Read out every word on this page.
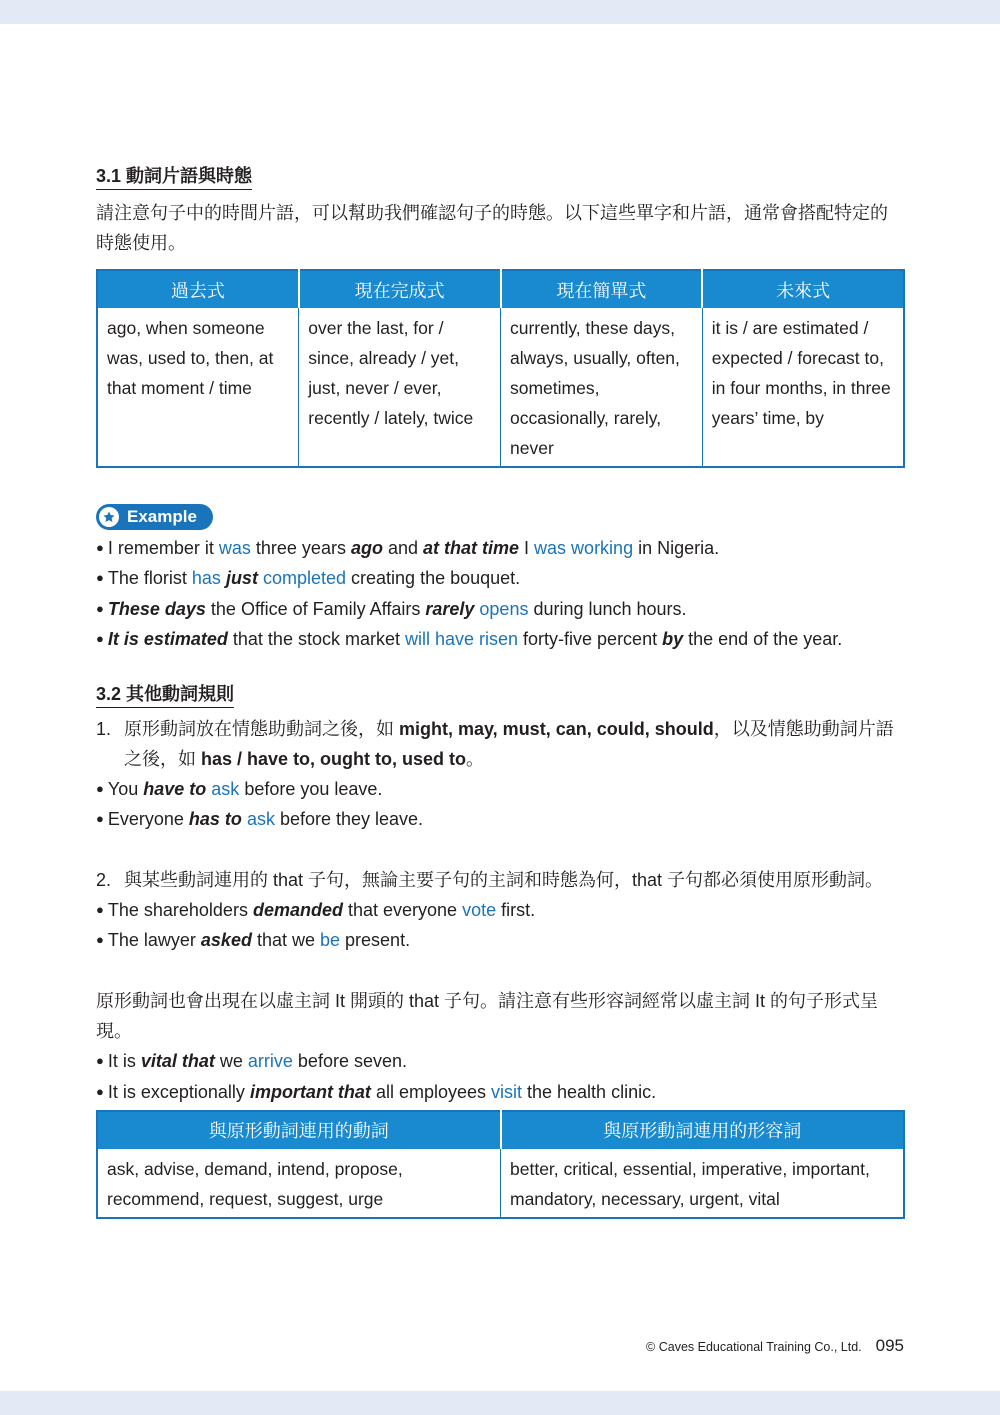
3.1 動詞片語與時態

請注意句子中的時間片語，可以幫助我們確認句子的時態。以下這些單字和片語，通常會搭配特定的時態使用。

過去式	現在完成式	現在簡單式	未來式
ago, when someone was, used to, then, at that moment / time	over the last, for / since, already / yet, just, never / ever, recently / lately, twice	currently, these days, always, usually, often, sometimes, occasionally, rarely, never	it is / are estimated / expected / forecast to, in four months, in three years’ time, by
Example
● I remember it was three years ago and at that time I was working in Nigeria.
● The florist has just completed creating the bouquet.
● These days the Office of Family Affairs rarely opens during lunch hours.
● It is estimated that the stock market will have risen forty-five percent by the end of the year.
3.2 其他動詞規則
1. 原形動詞放在情態助動詞之後，如 might, may, must, can, could, should，以及情態助動詞片語之後，如 has / have to, ought to, used to。
● You have to ask before you leave.
● Everyone has to ask before they leave.
2. 與某些動詞連用的 that 子句，無論主要子句的主詞和時態為何，that 子句都必須使用原形動詞。
● The shareholders demanded that everyone vote first.
● The lawyer asked that we be present.

原形動詞也會出現在以虛主詞 It 開頭的 that 子句。請注意有些形容詞經常以虛主詞 It 的句子形式呈現。

● It is vital that we arrive before seven.
● It is exceptionally important that all employees visit the health clinic.
與原形動詞連用的動詞	與原形動詞連用的形容詞
ask, advise, demand, intend, propose, recommend, request, suggest, urge	better, critical, essential, imperative, important, mandatory, necessary, urgent, vital
© Caves Educational Training Co., Ltd. 095
